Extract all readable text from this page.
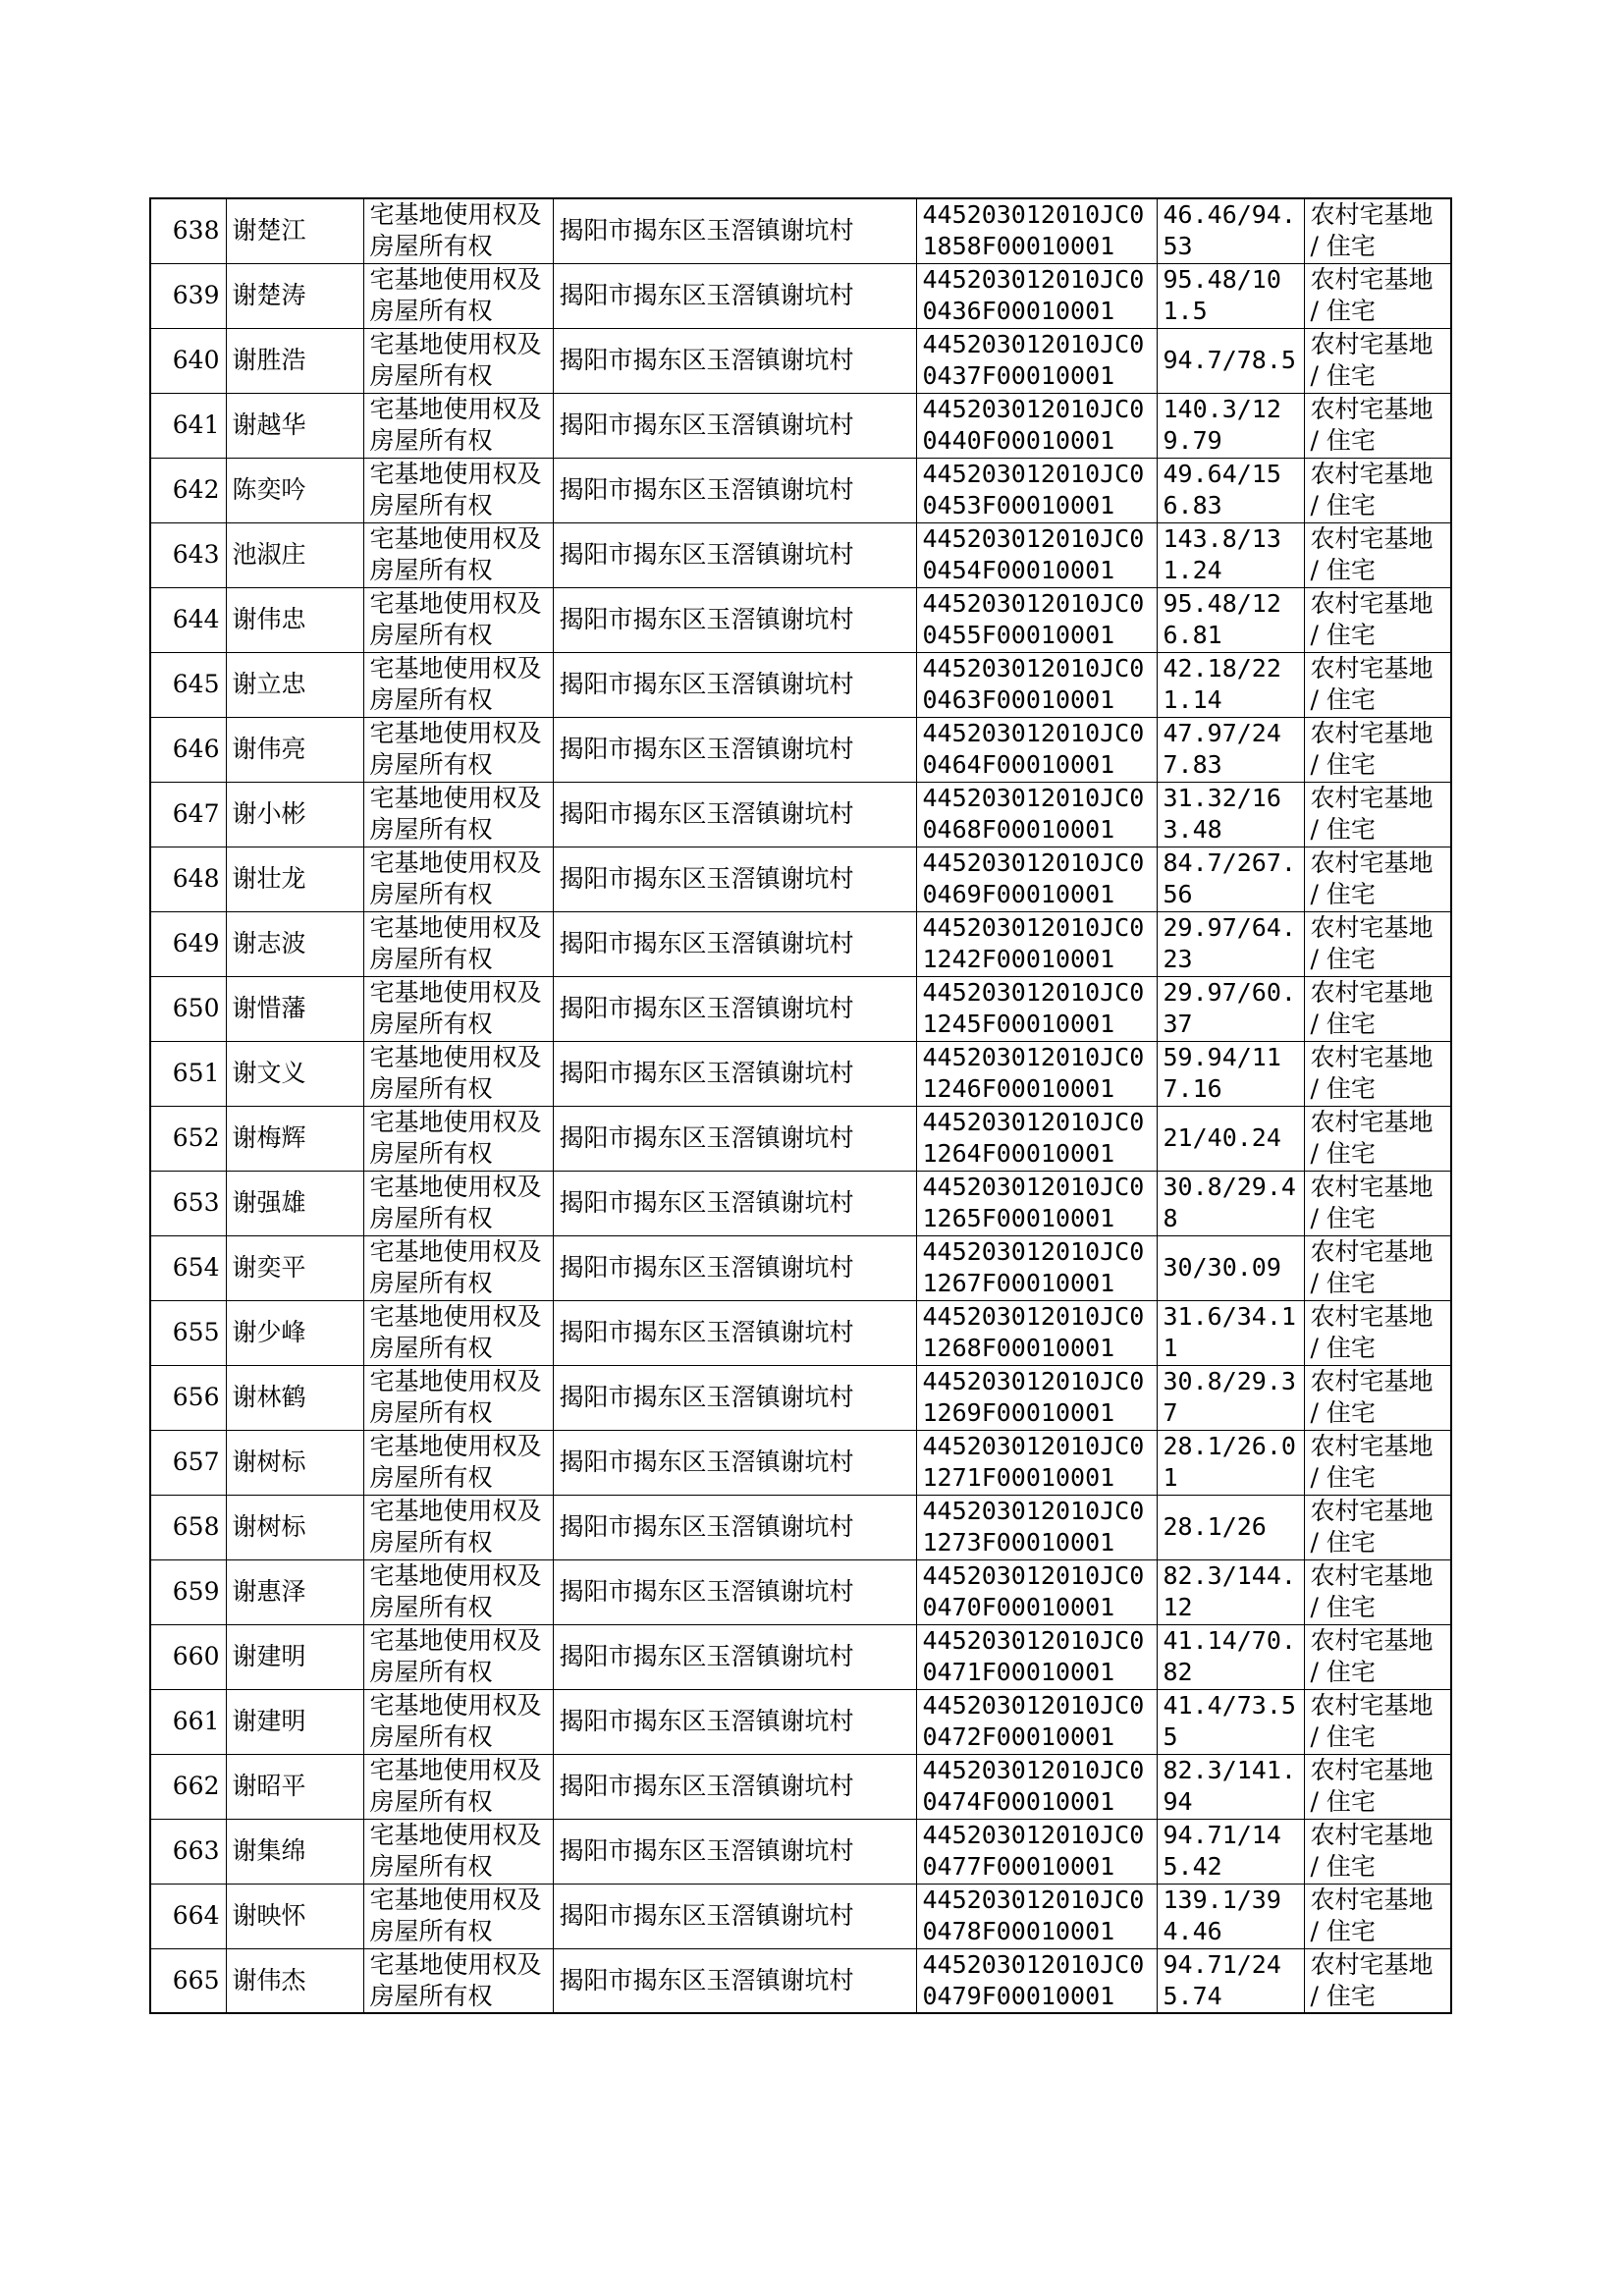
638	谢楚江	宅基地使用权及房屋所有权	揭阳市揭东区玉滘镇谢坑村	445203012010JC01858F00010001	46.46/94.53	农村宅基地 / 住宅

639	谢楚涛	宅基地使用权及房屋所有权	揭阳市揭东区玉滘镇谢坑村	445203012010JC00436F00010001	95.48/101.5	农村宅基地 / 住宅

640	谢胜浩	宅基地使用权及房屋所有权	揭阳市揭东区玉滘镇谢坑村	445203012010JC00437F00010001	94.7/78.5	农村宅基地 / 住宅

641	谢越华	宅基地使用权及房屋所有权	揭阳市揭东区玉滘镇谢坑村	445203012010JC00440F00010001	140.3/129.79	农村宅基地 / 住宅

642	陈奕吟	宅基地使用权及房屋所有权	揭阳市揭东区玉滘镇谢坑村	445203012010JC00453F00010001	49.64/156.83	农村宅基地 / 住宅

643	池淑庄	宅基地使用权及房屋所有权	揭阳市揭东区玉滘镇谢坑村	445203012010JC00454F00010001	143.8/131.24	农村宅基地 / 住宅

644	谢伟忠	宅基地使用权及房屋所有权	揭阳市揭东区玉滘镇谢坑村	445203012010JC00455F00010001	95.48/126.81	农村宅基地 / 住宅

645	谢立忠	宅基地使用权及房屋所有权	揭阳市揭东区玉滘镇谢坑村	445203012010JC00463F00010001	42.18/221.14	农村宅基地 / 住宅

646	谢伟亮	宅基地使用权及房屋所有权	揭阳市揭东区玉滘镇谢坑村	445203012010JC00464F00010001	47.97/247.83	农村宅基地 / 住宅

647	谢小彬	宅基地使用权及房屋所有权	揭阳市揭东区玉滘镇谢坑村	445203012010JC00468F00010001	31.32/163.48	农村宅基地 / 住宅

648	谢壮龙	宅基地使用权及房屋所有权	揭阳市揭东区玉滘镇谢坑村	445203012010JC00469F00010001	84.7/267.56	农村宅基地 / 住宅

649	谢志波	宅基地使用权及房屋所有权	揭阳市揭东区玉滘镇谢坑村	445203012010JC01242F00010001	29.97/64.23	农村宅基地 / 住宅

650	谢惜藩	宅基地使用权及房屋所有权	揭阳市揭东区玉滘镇谢坑村	445203012010JC01245F00010001	29.97/60.37	农村宅基地 / 住宅

651	谢文义	宅基地使用权及房屋所有权	揭阳市揭东区玉滘镇谢坑村	445203012010JC01246F00010001	59.94/117.16	农村宅基地 / 住宅

652	谢梅辉	宅基地使用权及房屋所有权	揭阳市揭东区玉滘镇谢坑村	445203012010JC01264F00010001	21/40.24	农村宅基地 / 住宅

653	谢强雄	宅基地使用权及房屋所有权	揭阳市揭东区玉滘镇谢坑村	445203012010JC01265F00010001	30.8/29.48	农村宅基地 / 住宅

654	谢奕平	宅基地使用权及房屋所有权	揭阳市揭东区玉滘镇谢坑村	445203012010JC01267F00010001	30/30.09	农村宅基地 / 住宅

655	谢少峰	宅基地使用权及房屋所有权	揭阳市揭东区玉滘镇谢坑村	445203012010JC01268F00010001	31.6/34.11	农村宅基地 / 住宅

656	谢林鹤	宅基地使用权及房屋所有权	揭阳市揭东区玉滘镇谢坑村	445203012010JC01269F00010001	30.8/29.37	农村宅基地 / 住宅

657	谢树标	宅基地使用权及房屋所有权	揭阳市揭东区玉滘镇谢坑村	445203012010JC01271F00010001	28.1/26.01	农村宅基地 / 住宅

658	谢树标	宅基地使用权及房屋所有权	揭阳市揭东区玉滘镇谢坑村	445203012010JC01273F00010001	28.1/26	农村宅基地 / 住宅

659	谢惠泽	宅基地使用权及房屋所有权	揭阳市揭东区玉滘镇谢坑村	445203012010JC00470F00010001	82.3/144.12	农村宅基地 / 住宅

660	谢建明	宅基地使用权及房屋所有权	揭阳市揭东区玉滘镇谢坑村	445203012010JC00471F00010001	41.14/70.82	农村宅基地 / 住宅

661	谢建明	宅基地使用权及房屋所有权	揭阳市揭东区玉滘镇谢坑村	445203012010JC00472F00010001	41.4/73.55	农村宅基地 / 住宅

662	谢昭平	宅基地使用权及房屋所有权	揭阳市揭东区玉滘镇谢坑村	445203012010JC00474F00010001	82.3/141.94	农村宅基地 / 住宅

663	谢集绵	宅基地使用权及房屋所有权	揭阳市揭东区玉滘镇谢坑村	445203012010JC00477F00010001	94.71/145.42	农村宅基地 / 住宅

664	谢映怀	宅基地使用权及房屋所有权	揭阳市揭东区玉滘镇谢坑村	445203012010JC00478F00010001	139.1/394.46	农村宅基地 / 住宅

665	谢伟杰	宅基地使用权及房屋所有权	揭阳市揭东区玉滘镇谢坑村	445203012010JC00479F00010001	94.71/245.74	农村宅基地 / 住宅
